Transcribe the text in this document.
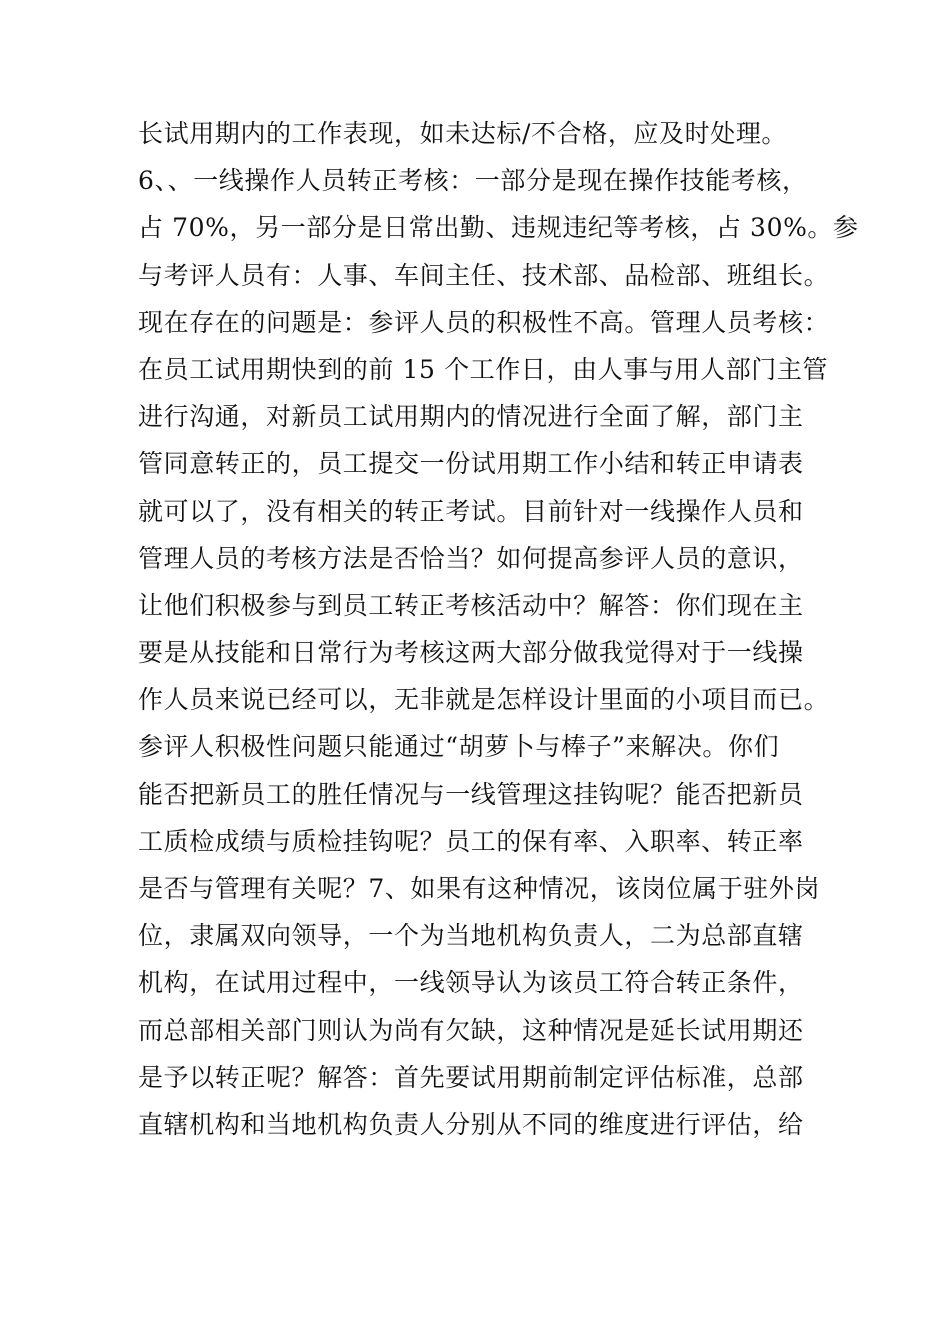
长试用期内的工作表现，如未达标/不合格，应及时处理。
6、、一线操作人员转正考核：一部分是现在操作技能考核，
占 70%，另一部分是日常出勤、违规违纪等考核，占 30%。参
与考评人员有：人事、车间主任、技术部、品检部、班组长。
现在存在的问题是：参评人员的积极性不高。管理人员考核：
在员工试用期快到的前 15 个工作日，由人事与用人部门主管
进行沟通，对新员工试用期内的情况进行全面了解，部门主
管同意转正的，员工提交一份试用期工作小结和转正申请表
就可以了，没有相关的转正考试。目前针对一线操作人员和
管理人员的考核方法是否恰当？如何提高参评人员的意识，
让他们积极参与到员工转正考核活动中？解答：你们现在主
要是从技能和日常行为考核这两大部分做我觉得对于一线操
作人员来说已经可以，无非就是怎样设计里面的小项目而已。
参评人积极性问题只能通过“胡萝卜与棒子”来解决。你们
能否把新员工的胜任情况与一线管理这挂钩呢？能否把新员
工质检成绩与质检挂钩呢？员工的保有率、入职率、转正率
是否与管理有关呢？7、如果有这种情况，该岗位属于驻外岗
位，隶属双向领导，一个为当地机构负责人，二为总部直辖
机构，在试用过程中，一线领导认为该员工符合转正条件，
而总部相关部门则认为尚有欠缺，这种情况是延长试用期还
是予以转正呢？解答：首先要试用期前制定评估标准，总部
直辖机构和当地机构负责人分别从不同的维度进行评估，给
